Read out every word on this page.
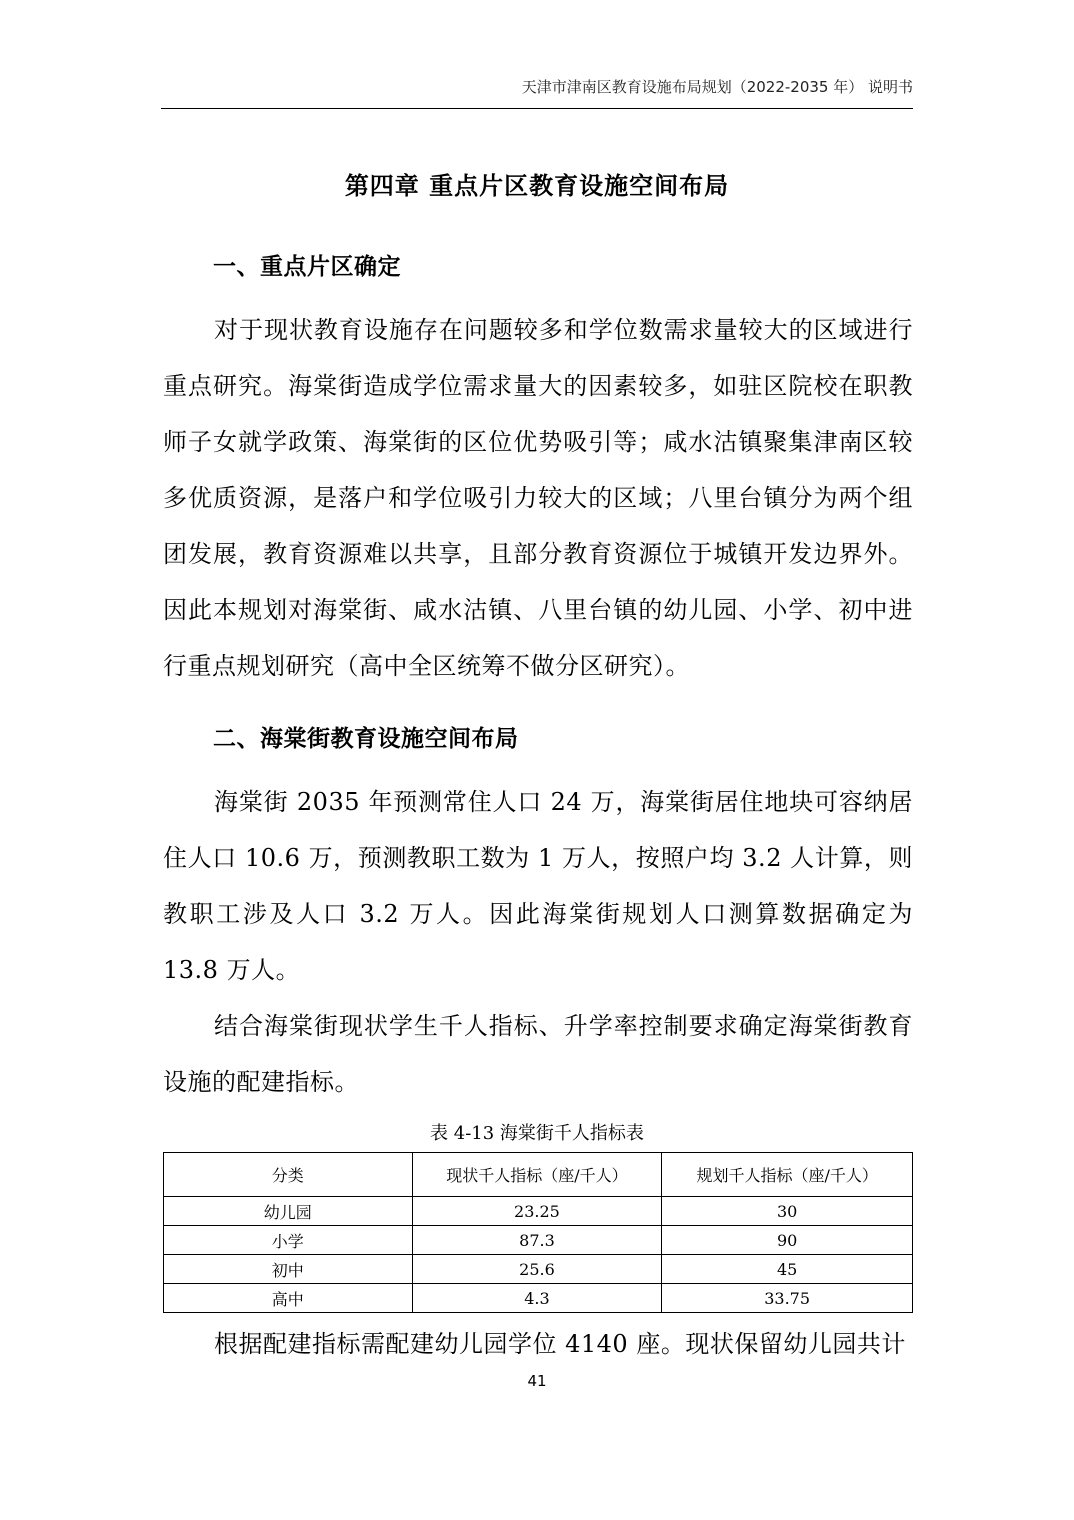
天津市津南区教育设施布局规划（2022-2035 年） 说明书
第四章 重点片区教育设施空间布局
一、重点片区确定

对于现状教育设施存在问题较多和学位数需求量较大的区域进行重点研究。海棠街造成学位需求量大的因素较多，如驻区院校在职教师子女就学政策、海棠街的区位优势吸引等；咸水沽镇聚集津南区较多优质资源，是落户和学位吸引力较大的区域；八里台镇分为两个组团发展，教育资源难以共享，且部分教育资源位于城镇开发边界外。因此本规划对海棠街、咸水沽镇、八里台镇的幼儿园、小学、初中进行重点规划研究（高中全区统筹不做分区研究）。

二、海棠街教育设施空间布局

海棠街 2035 年预测常住人口 24 万，海棠街居住地块可容纳居住人口 10.6 万，预测教职工数为 1 万人，按照户均 3.2 人计算，则教职工涉及人口 3.2 万人。因此海棠街规划人口测算数据确定为 13.8 万人。

结合海棠街现状学生千人指标、升学率控制要求确定海棠街教育设施的配建指标。

表 4-13 海棠街千人指标表
分类	现状千人指标（座/千人）	规划千人指标（座/千人）
幼儿园	23.25	30
小学	87.3	90
初中	25.6	45
高中	4.3	33.75

根据配建指标需配建幼儿园学位 4140 座。现状保留幼儿园共计

41
